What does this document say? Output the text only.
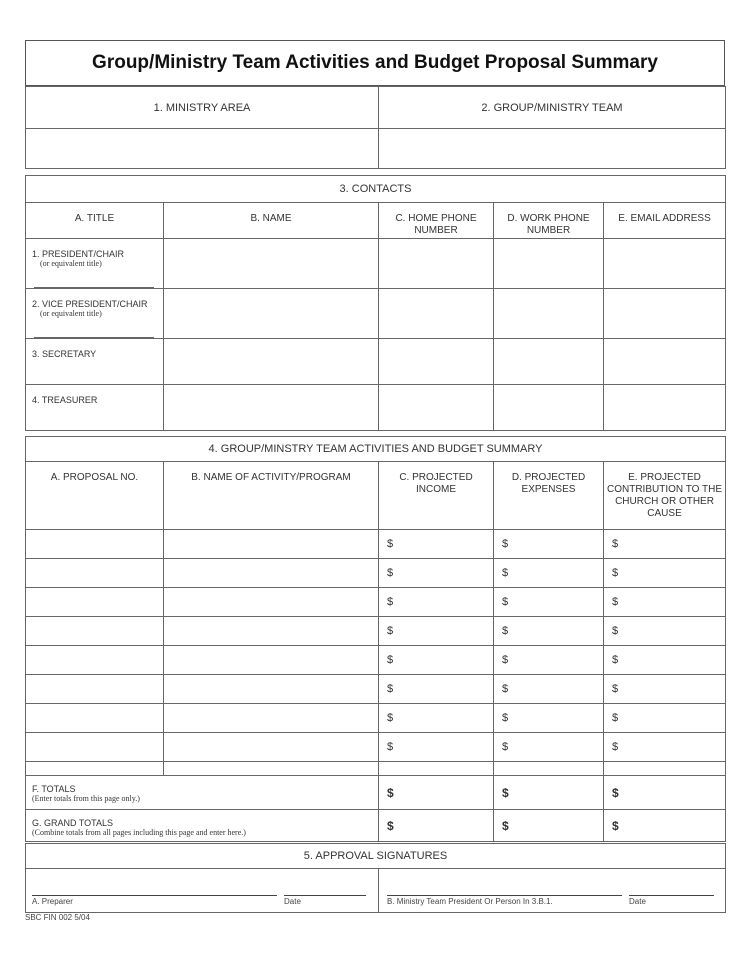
Group/Ministry Team Activities and Budget Proposal Summary
1. MINISTRY AREA	2. GROUP/MINISTRY TEAM

3. CONTACTS				
A. TITLE	B. NAME	C. HOME PHONE NUMBER	D. WORK PHONE NUMBER	E. EMAIL ADDRESS
1. PRESIDENT/CHAIR
(or equivalent title)				

2. VICE PRESIDENT/CHAIR
(or equivalent title)				

3. SECRETARY				
4. TREASURER				
4. GROUP/MINSTRY TEAM ACTIVITIES AND BUDGET SUMMARY				
A. PROPOSAL NO.	B. NAME OF ACTIVITY/PROGRAM	C. PROJECTED INCOME	D. PROJECTED EXPENSES	E. PROJECTED CONTRIBUTION TO THE CHURCH OR OTHER CAUSE
		$	$	$
		$	$	$
		$	$	$
		$	$	$
		$	$	$
		$	$	$
		$	$	$
		$	$	$

F. TOTALS
(Enter totals from this page only.)		$	$	$
G. GRAND TOTALS
(Combine totals from all pages including this page and enter here.)		$	$	$
5. APPROVAL SIGNATURES

A. Preparer	Date	B. Ministry Team President Or Person In 3.B.1.	Date
SBC FIN 002 5/04
